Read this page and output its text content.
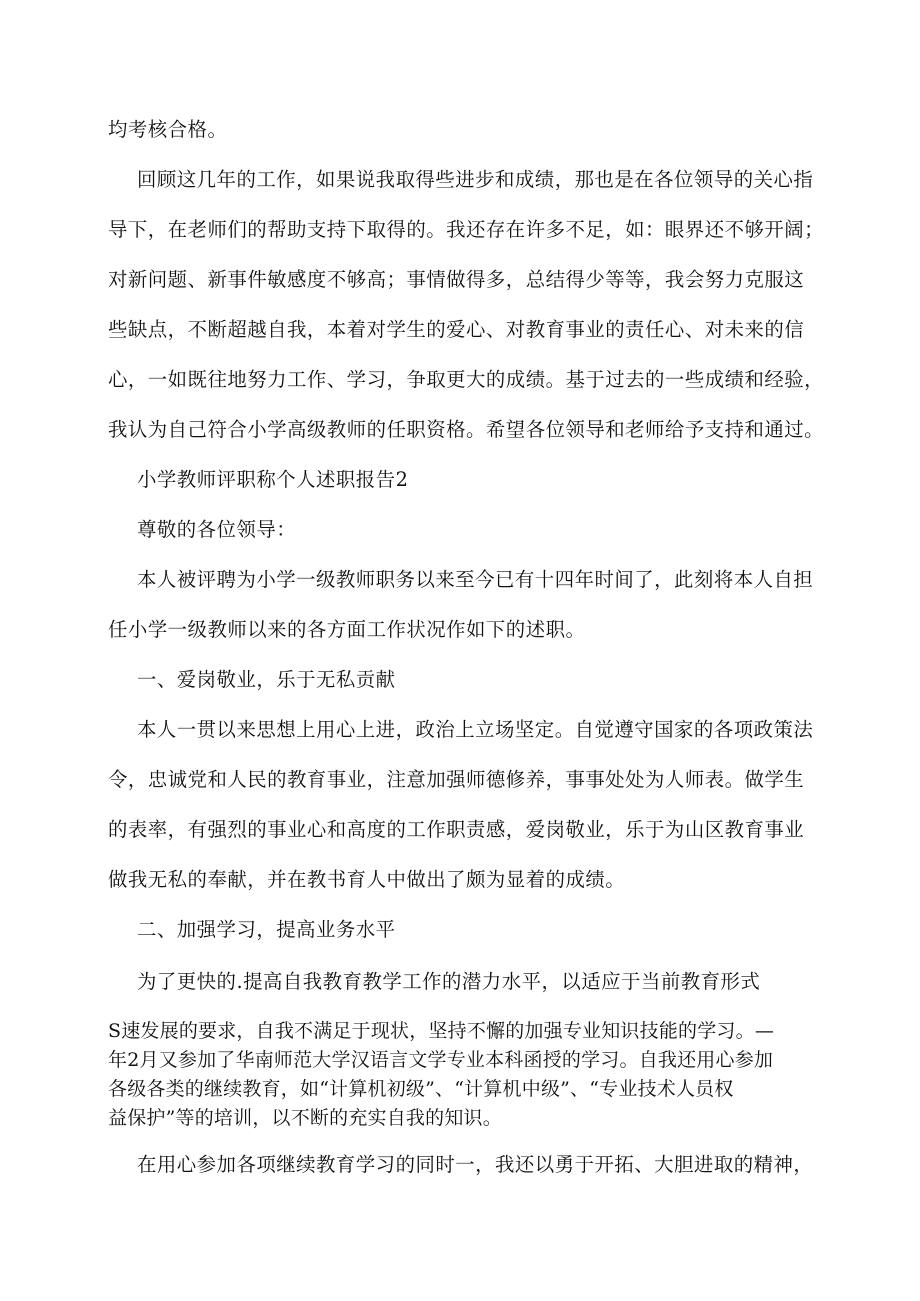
均考核合格。
回顾这几年的工作，如果说我取得些进步和成绩，那也是在各位领导的关心指
导下，在老师们的帮助支持下取得的。我还存在许多不足，如：眼界还不够开阔；
对新问题、新事件敏感度不够高；事情做得多，总结得少等等，我会努力克服这
些缺点，不断超越自我，本着对学生的爱心、对教育事业的责任心、对未来的信
心，一如既往地努力工作、学习，争取更大的成绩。基于过去的一些成绩和经验，
我认为自己符合小学高级教师的任职资格。希望各位领导和老师给予支持和通过。
小学教师评职称个人述职报告2
尊敬的各位领导：
本人被评聘为小学一级教师职务以来至今已有十四年时间了，此刻将本人自担
任小学一级教师以来的各方面工作状况作如下的述职。
一、爱岗敬业，乐于无私贡献
本人一贯以来思想上用心上进，政治上立场坚定。自觉遵守国家的各项政策法
令，忠诚党和人民的教育事业，注意加强师德修养，事事处处为人师表。做学生
的表率，有强烈的事业心和高度的工作职责感，爱岗敬业，乐于为山区教育事业
做我无私的奉献，并在教书育人中做出了颇为显着的成绩。
二、加强学习，提高业务水平
为了更快的.提高自我教育教学工作的潜力水平，以适应于当前教育形式
S速发展的要求，自我不满足于现状，坚持不懈的加强专业知识技能的学习。—
年2月又参加了华南师范大学汉语言文学专业本科函授的学习。自我还用心参加
各级各类的继续教育，如“计算机初级”、“计算机中级”、“专业技术人员权
益保护”等的培训，以不断的充实自我的知识。
在用心参加各项继续教育学习的同时一，我还以勇于开拓、大胆进取的精神，
